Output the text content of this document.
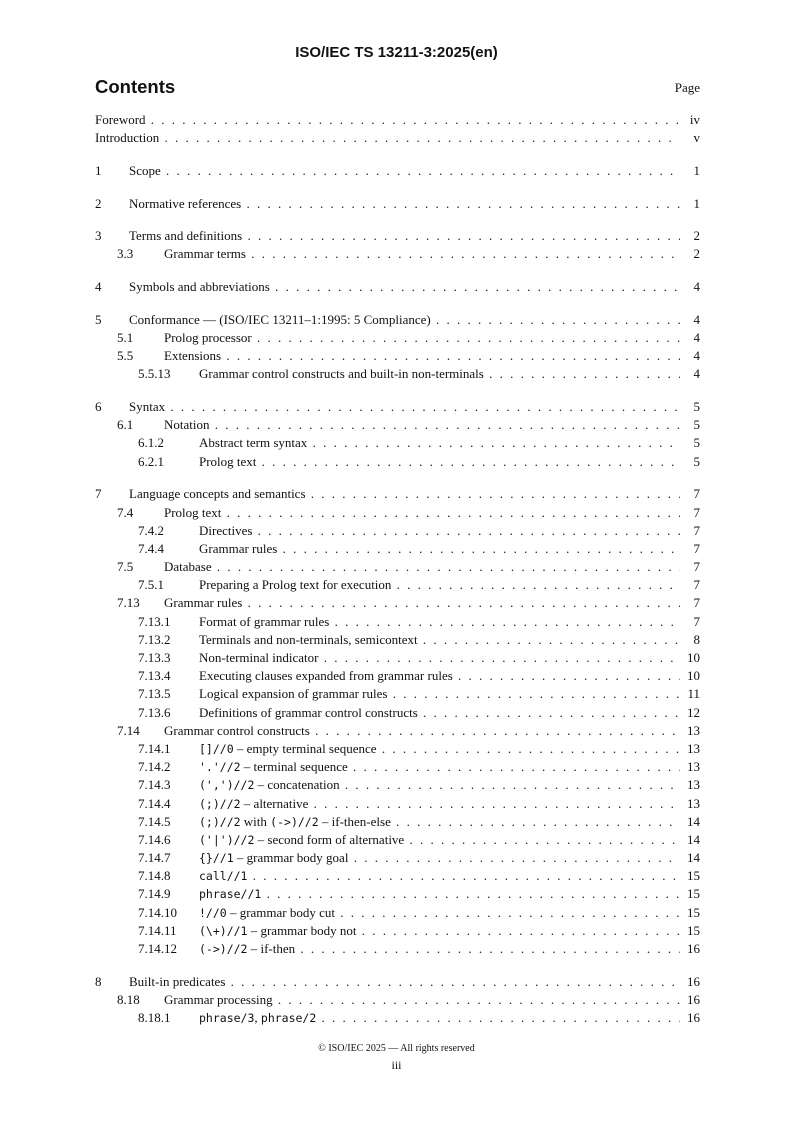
ISO/IEC TS 13211-3:2025(en)
Contents	Page
Foreword . . .	iv
Introduction . . .	v
1 Scope . . .	1
2 Normative references . . .	1
3 Terms and definitions . . .	2
3.3 Grammar terms . . .	2
4 Symbols and abbreviations . . .	4
5 Conformance — (ISO/IEC 13211–1:1995: 5 Compliance) . . .	4
5.1 Prolog processor . . .	4
5.5 Extensions . . .	4
5.5.13 Grammar control constructs and built-in non-terminals . . .	4
6 Syntax . . .	5
6.1 Notation . . .	5
6.1.2	Abstract term syntax . . .	5
6.2.1	Prolog text . . .	5
7 Language concepts and semantics . . .	7
7.4 Prolog text . . .	7
7.4.2	Directives . . .	7
7.4.4	Grammar rules . . .	7
7.5 Database . . .	7
7.5.1	Preparing a Prolog text for execution . . .	7
7.13 Grammar rules . . .	7
7.13.1 Format of grammar rules . . .	7
7.13.2 Terminals and non-terminals, semicontext . . .	8
7.13.3 Non-terminal indicator . . .	10
7.13.4 Executing clauses expanded from grammar rules . . .	10
7.13.5 Logical expansion of grammar rules . . .	11
7.13.6 Definitions of grammar control constructs . . .	12
7.14 Grammar control constructs . . .	13
7.14.1 []//0 – empty terminal sequence . . .	13
7.14.2 '.'//2 – terminal sequence . . .	13
7.14.3 (',')//2 – concatenation . . .	13
7.14.4 (;)//2 – alternative . . .	13
7.14.5 (;)//2 with (->)//2 – if-then-else . . .	14
7.14.6 ('|')//2 – second form of alternative . . .	14
7.14.7 {}//1 – grammar body goal . . .	14
7.14.8 call//1 . . .	15
7.14.9 phrase//1 . . .	15
7.14.10 !//0 – grammar body cut . . .	15
7.14.11 (\+)//1 – grammar body not . . .	15
7.14.12 (->)//2 – if-then . . .	16
8 Built-in predicates . . .	16
8.18 Grammar processing . . .	16
8.18.1 phrase/3, phrase/2 . . .	16
© ISO/IEC 2025 — All rights reserved
iii
